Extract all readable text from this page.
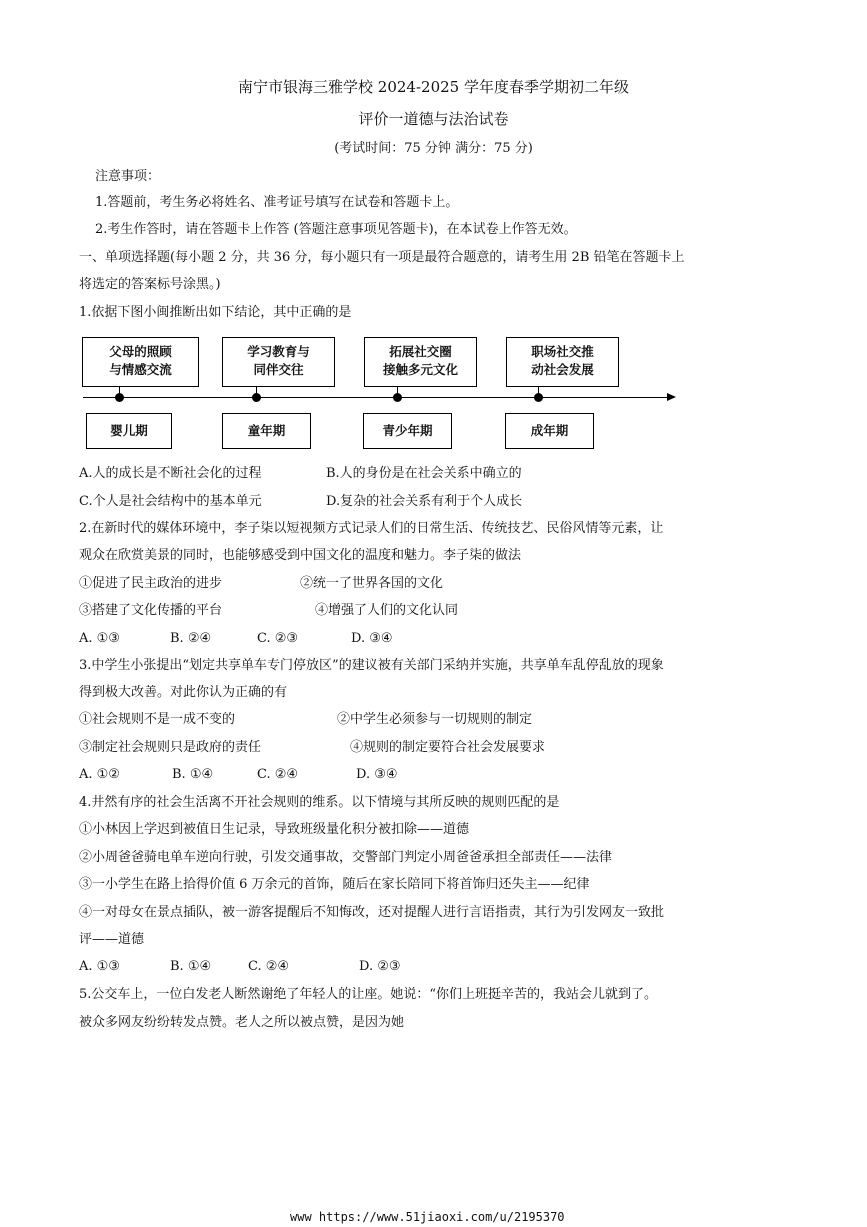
南宁市银海三雅学校 2024-2025 学年度春季学期初二年级
评价一道德与法治试卷
(考试时间：75 分钟 满分：75 分)
注意事项：
1.答题前，考生务必将姓名、准考证号填写在试卷和答题卡上。
2.考生作答时，请在答题卡上作答 (答题注意事项见答题卡)，在本试卷上作答无效。
一、单项选择题(每小题 2 分，共 36 分，每小题只有一项是最符合题意的，请考生用 2B 铅笔在答题卡上
将选定的答案标号涂黑。)
1.依据下图小闽推断出如下结论，其中正确的是
父母的照顾
与情感交流
学习教育与
同伴交往
拓展社交圈
接触多元文化
职场社交推
动社会发展
婴儿期	童年期	青少年期	成年期
A.人的成长是不断社会化的过程	B.人的身份是在社会关系中确立的
C.个人是社会结构中的基本单元	D.复杂的社会关系有利于个人成长
2.在新时代的媒体环境中，李子柒以短视频方式记录人们的日常生活、传统技艺、民俗风情等元素，让
观众在欣赏美景的同时，也能够感受到中国文化的温度和魅力。李子柒的做法
①促进了民主政治的进步	②统一了世界各国的文化
③搭建了文化传播的平台	④增强了人们的文化认同
A. ①③	B. ②④	C. ②③	D. ③④
3.中学生小张提出“划定共享单车专门停放区”的建议被有关部门采纳并实施，共享单车乱停乱放的现象
得到极大改善。对此你认为正确的有
①社会规则不是一成不变的	②中学生必须参与一切规则的制定
③制定社会规则只是政府的责任	④规则的制定要符合社会发展要求
A. ①②	B. ①④	C. ②④	D. ③④
4.井然有序的社会生活离不开社会规则的维系。以下情境与其所反映的规则匹配的是
①小林因上学迟到被值日生记录，导致班级量化积分被扣除——道德
②小周爸爸骑电单车逆向行驶，引发交通事故，交警部门判定小周爸爸承担全部责任——法律
③一小学生在路上拾得价值 6 万余元的首饰，随后在家长陪同下将首饰归还失主——纪律
④一对母女在景点插队，被一游客提醒后不知悔改，还对提醒人进行言语指责，其行为引发网友一致批
评——道德
A. ①③	B. ①④	C. ②④	D. ②③
5.公交车上，一位白发老人断然谢绝了年轻人的让座。她说：“你们上班挺辛苦的，我站会儿就到了。
被众多网友纷纷转发点赞。老人之所以被点赞，是因为她
www https://www.51jiaoxi.com/u/2195370
